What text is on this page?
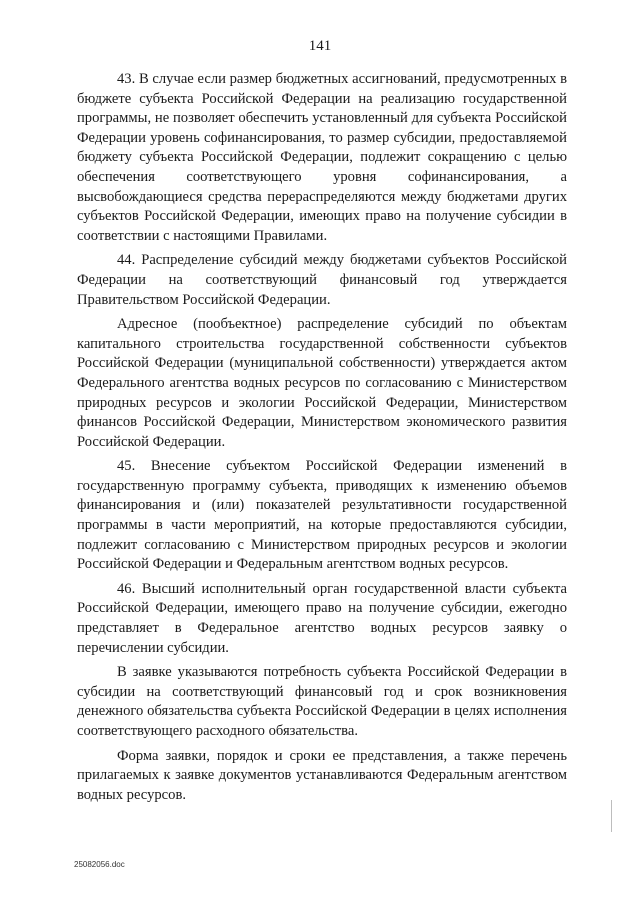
141

43. В случае если размер бюджетных ассигнований, предусмотренных в бюджете субъекта Российской Федерации на реализацию государственной программы, не позволяет обеспечить установленный для субъекта Российской Федерации уровень софинансирования, то размер субсидии, предоставляемой бюджету субъекта Российской Федерации, подлежит сокращению с целью обеспечения соответствующего уровня софинансирования, а высвобождающиеся средства перераспределяются между бюджетами других субъектов Российской Федерации, имеющих право на получение субсидии в соответствии с настоящими Правилами.

44. Распределение субсидий между бюджетами субъектов Российской Федерации на соответствующий финансовый год утверждается Правительством Российской Федерации.

Адресное (пообъектное) распределение субсидий по объектам капитального строительства государственной собственности субъектов Российской Федерации (муниципальной собственности) утверждается актом Федерального агентства водных ресурсов по согласованию с Министерством природных ресурсов и экологии Российской Федерации, Министерством финансов Российской Федерации, Министерством экономического развития Российской Федерации.

45. Внесение субъектом Российской Федерации изменений в государственную программу субъекта, приводящих к изменению объемов финансирования и (или) показателей результативности государственной программы в части мероприятий, на которые предоставляются субсидии, подлежит согласованию с Министерством природных ресурсов и экологии Российской Федерации и Федеральным агентством водных ресурсов.

46. Высший исполнительный орган государственной власти субъекта Российской Федерации, имеющего право на получение субсидии, ежегодно представляет в Федеральное агентство водных ресурсов заявку о перечислении субсидии.

В заявке указываются потребность субъекта Российской Федерации в субсидии на соответствующий финансовый год и срок возникновения денежного обязательства субъекта Российской Федерации в целях исполнения соответствующего расходного обязательства.

Форма заявки, порядок и сроки ее представления, а также перечень прилагаемых к заявке документов устанавливаются Федеральным агентством водных ресурсов.

25082056.doc
